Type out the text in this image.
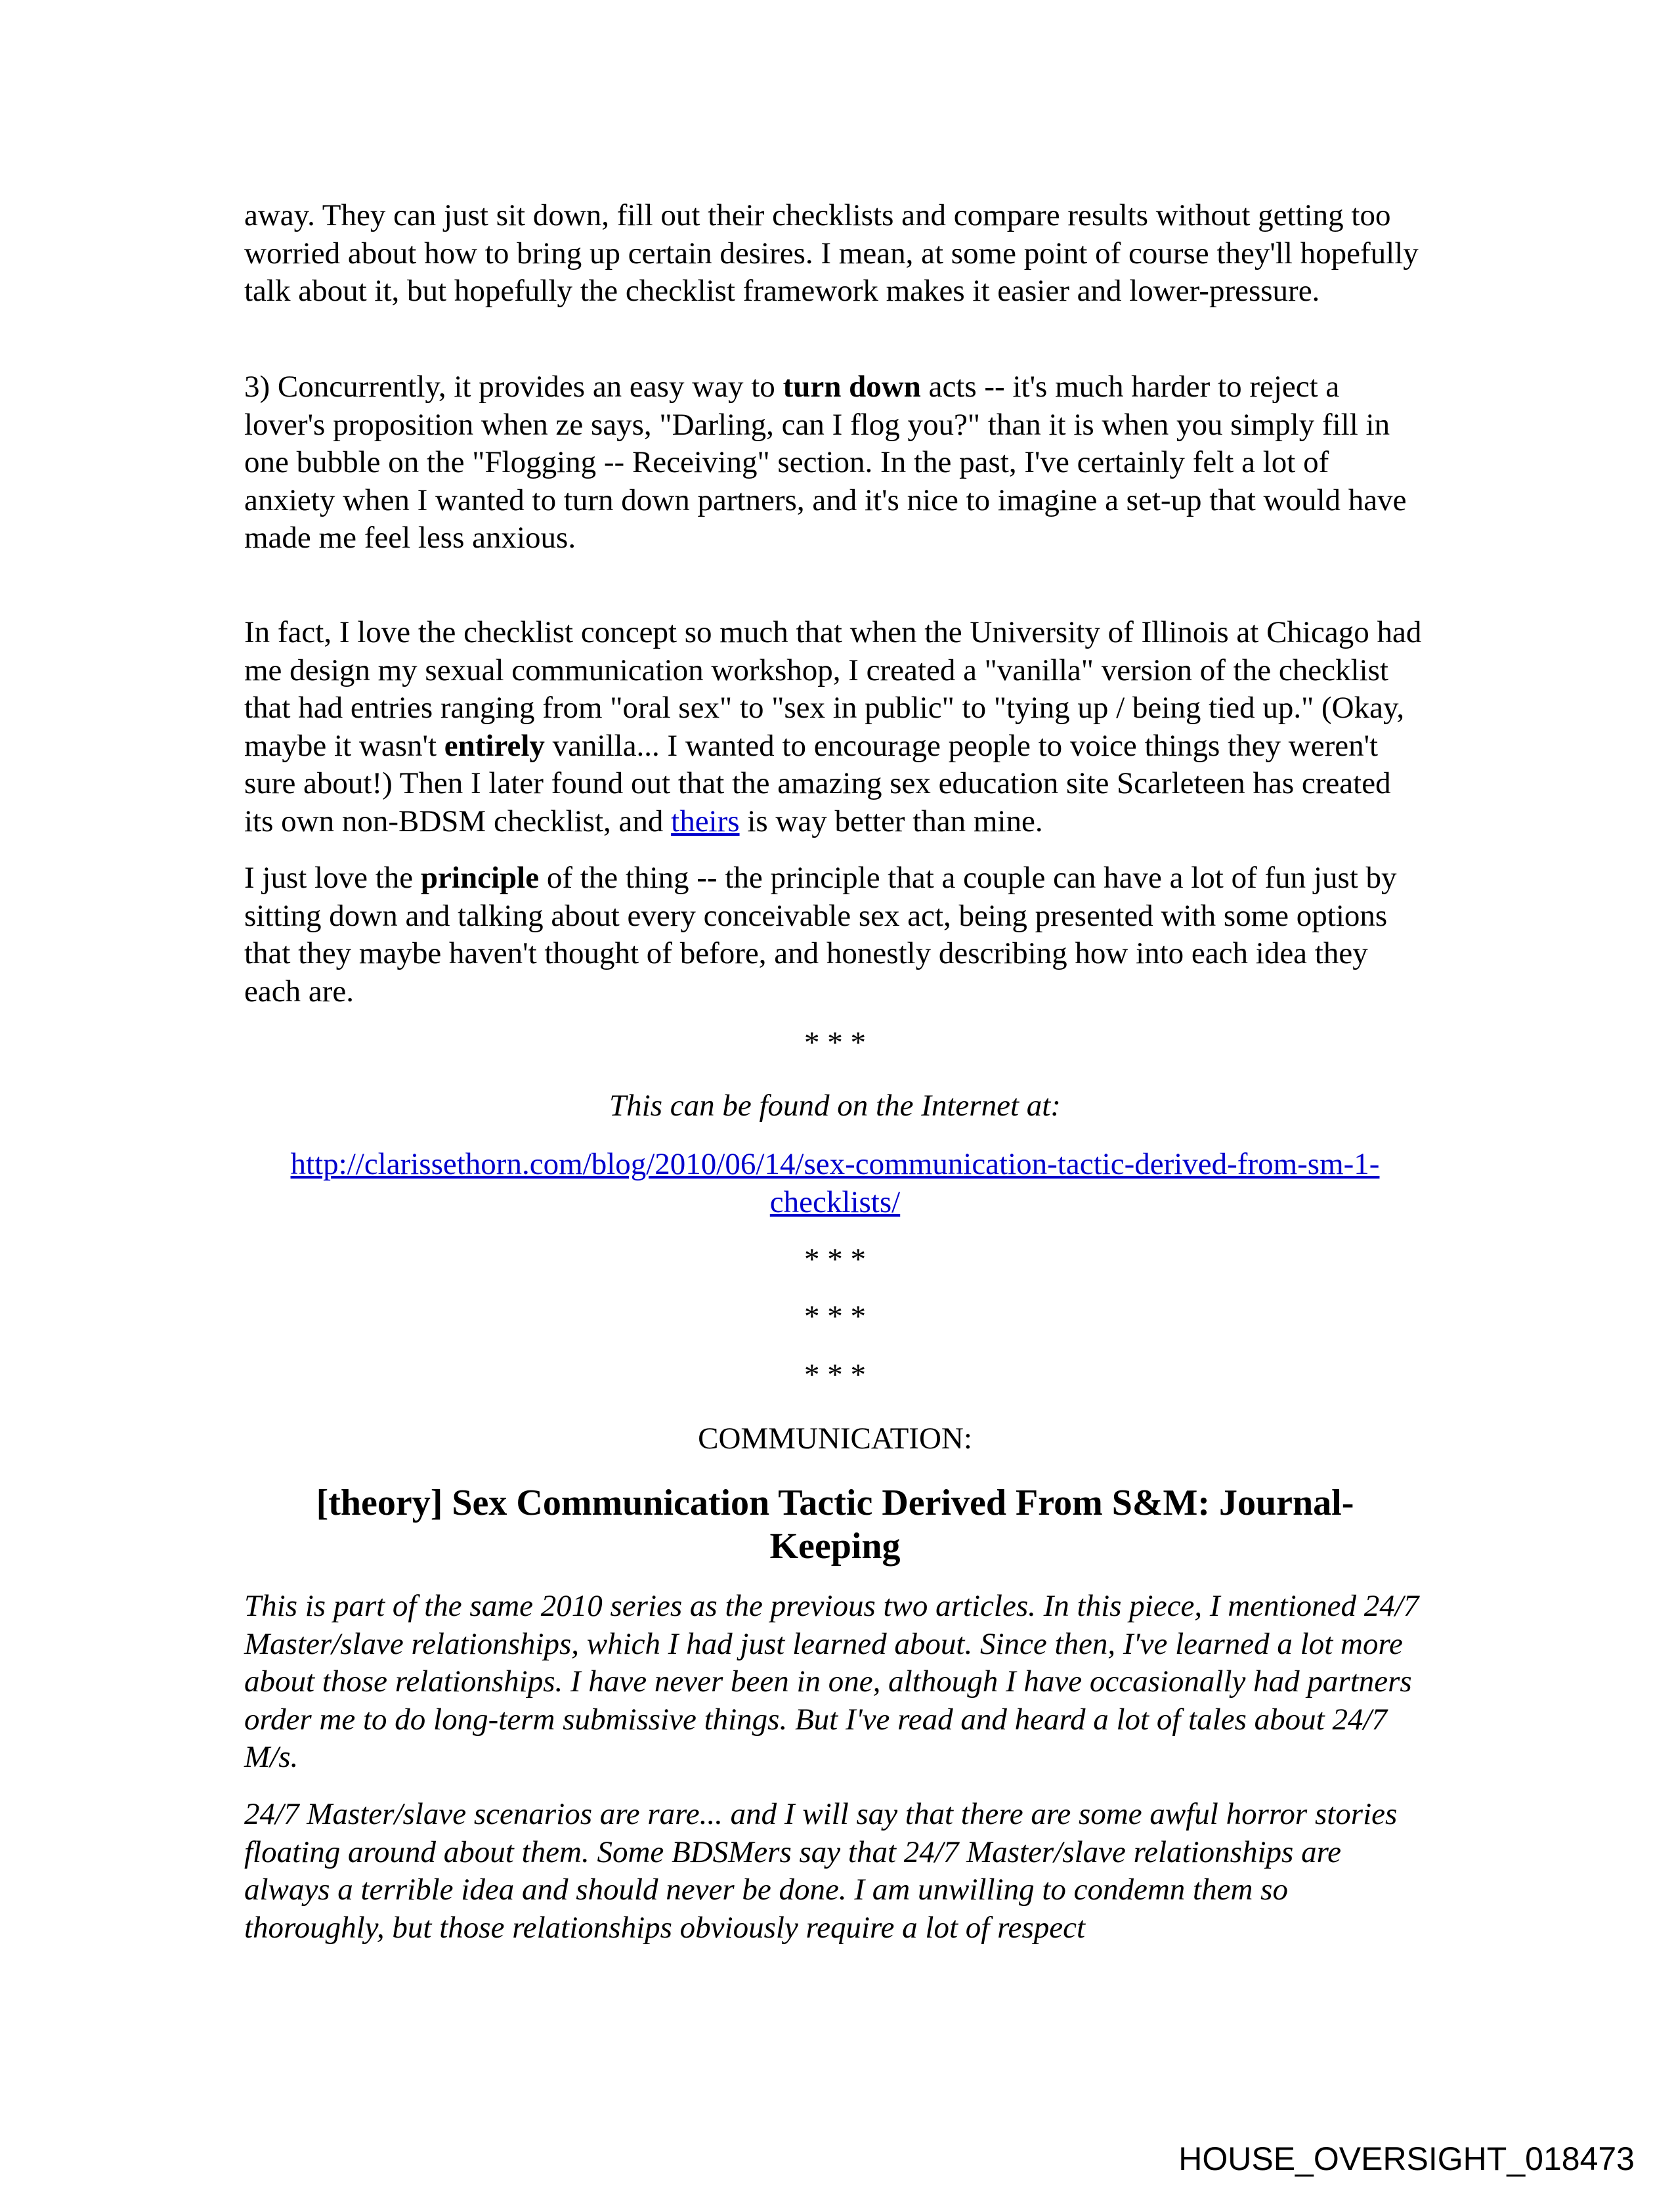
away. They can just sit down, fill out their checklists and compare results without getting too worried about how to bring up certain desires. I mean, at some point of course they'll hopefully talk about it, but hopefully the checklist framework makes it easier and lower-pressure.

3) Concurrently, it provides an easy way to turn down acts -- it's much harder to reject a lover's proposition when ze says, "Darling, can I flog you?" than it is when you simply fill in one bubble on the "Flogging -- Receiving" section. In the past, I've certainly felt a lot of anxiety when I wanted to turn down partners, and it's nice to imagine a set-up that would have made me feel less anxious.

In fact, I love the checklist concept so much that when the University of Illinois at Chicago had me design my sexual communication workshop, I created a "vanilla" version of the checklist that had entries ranging from "oral sex" to "sex in public" to "tying up / being tied up." (Okay, maybe it wasn't entirely vanilla... I wanted to encourage people to voice things they weren't sure about!) Then I later found out that the amazing sex education site Scarleteen has created its own non-BDSM checklist, and theirs is way better than mine.

I just love the principle of the thing -- the principle that a couple can have a lot of fun just by sitting down and talking about every conceivable sex act, being presented with some options that they maybe haven't thought of before, and honestly describing how into each idea they each are.

* * *

This can be found on the Internet at:

http://clarissethorn.com/blog/2010/06/14/sex-communication-tactic-derived-from-sm-1-
checklists/

* * *

* * *

* * *

COMMUNICATION:

[theory] Sex Communication Tactic Derived From S&M: Journal-
Keeping

This is part of the same 2010 series as the previous two articles. In this piece, I mentioned 24/7 Master/slave relationships, which I had just learned about. Since then, I've learned a lot more about those relationships. I have never been in one, although I have occasionally had partners order me to do long-term submissive things. But I've read and heard a lot of tales about 24/7 M/s.

24/7 Master/slave scenarios are rare... and I will say that there are some awful horror stories floating around about them. Some BDSMers say that 24/7 Master/slave relationships are always a terrible idea and should never be done. I am unwilling to condemn them so thoroughly, but those relationships obviously require a lot of respect

HOUSE_OVERSIGHT_018473
